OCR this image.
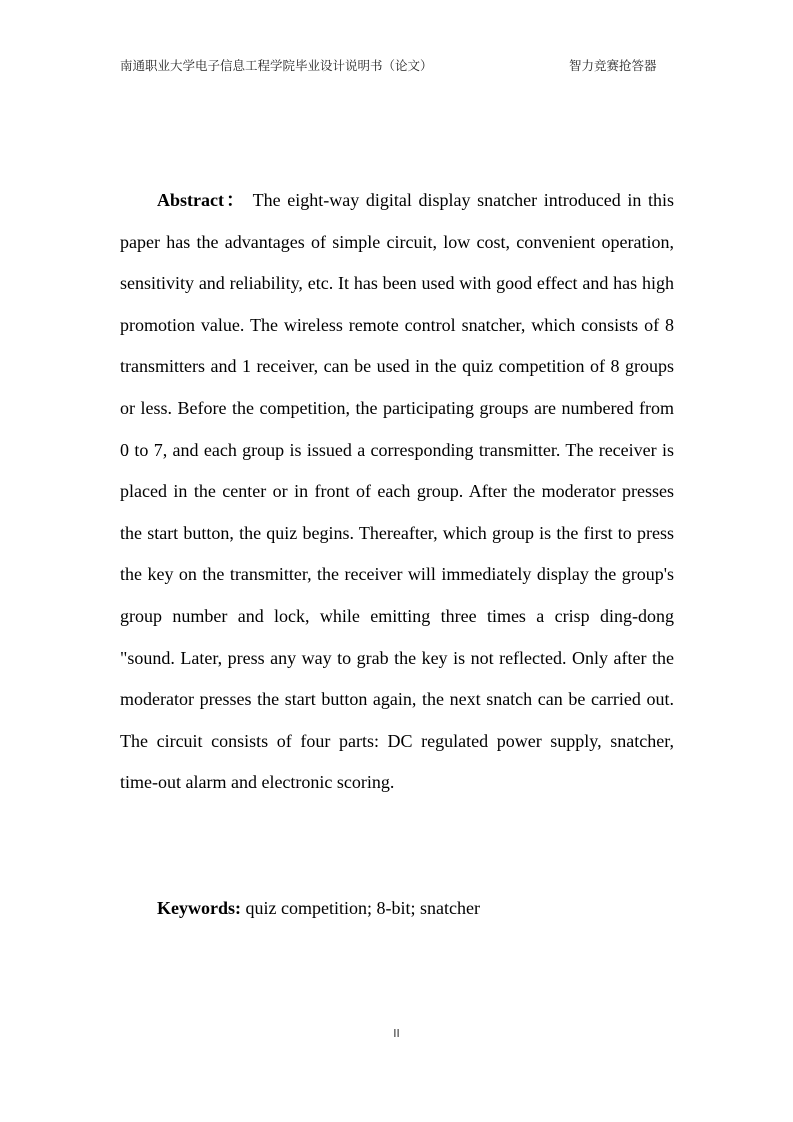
南通职业大学电子信息工程学院毕业设计说明书（论文）	智力竞赛抢答器

Abstract： The eight-way digital display snatcher introduced in this paper has the advantages of simple circuit, low cost, convenient operation, sensitivity and reliability, etc. It has been used with good effect and has high promotion value. The wireless remote control snatcher, which consists of 8 transmitters and 1 receiver, can be used in the quiz competition of 8 groups or less. Before the competition, the participating groups are numbered from 0 to 7, and each group is issued a corresponding transmitter. The receiver is placed in the center or in front of each group. After the moderator presses the start button, the quiz begins. Thereafter, which group is the first to press the key on the transmitter, the receiver will immediately display the group's group number and lock, while emitting three times a crisp ding-dong "sound. Later, press any way to grab the key is not reflected. Only after the moderator presses the start button again, the next snatch can be carried out. The circuit consists of four parts: DC regulated power supply, snatcher, time-out alarm and electronic scoring.

Keywords: quiz competition; 8-bit; snatcher

II
